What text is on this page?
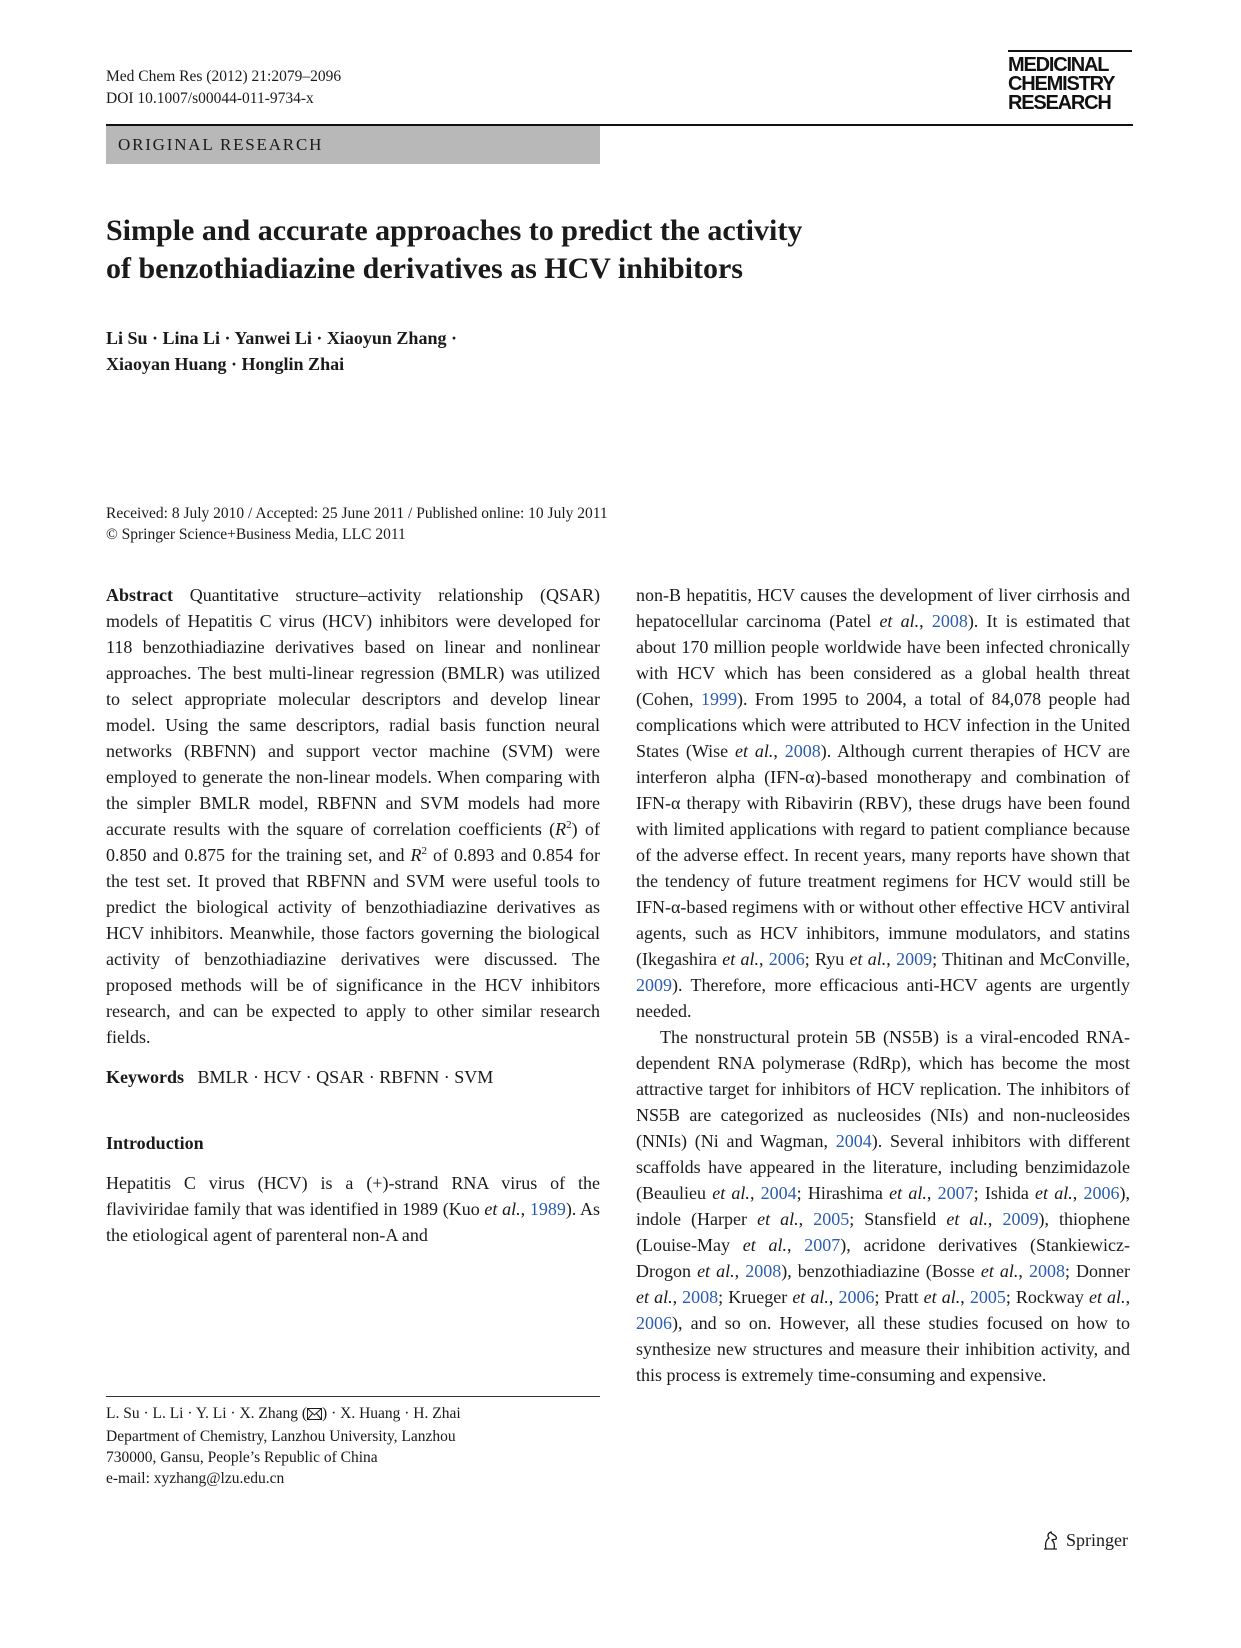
Med Chem Res (2012) 21:2079–2096
DOI 10.1007/s00044-011-9734-x
MEDICINAL
CHEMISTRY
RESEARCH
ORIGINAL RESEARCH
Simple and accurate approaches to predict the activity
of benzothiadiazine derivatives as HCV inhibitors
Li Su · Lina Li · Yanwei Li · Xiaoyun Zhang ·
Xiaoyan Huang · Honglin Zhai
Received: 8 July 2010 / Accepted: 25 June 2011 / Published online: 10 July 2011
© Springer Science+Business Media, LLC 2011

Abstract Quantitative structure–activity relationship (QSAR) models of Hepatitis C virus (HCV) inhibitors were developed for 118 benzothiadiazine derivatives based on linear and nonlinear approaches. The best multi-linear regression (BMLR) was utilized to select appropriate molecular descriptors and develop linear model. Using the same descriptors, radial basis function neural networks (RBFNN) and support vector machine (SVM) were employed to generate the non-linear models. When comparing with the simpler BMLR model, RBFNN and SVM models had more accurate results with the square of correlation coefficients $(R^2)$ of 0.850 and 0.875 for the training set, and $R^2$ of 0.893 and 0.854 for the test set. It proved that RBFNN and SVM were useful tools to predict the biological activity of benzothiadiazine derivatives as HCV inhibitors. Meanwhile, those factors governing the biological activity of benzothiadiazine derivatives were discussed. The proposed methods will be of significance in the HCV inhibitors research, and can be expected to apply to other similar research fields.

Keywords BMLR · HCV · QSAR · RBFNN · SVM

Introduction

Hepatitis C virus (HCV) is a (+)-strand RNA virus of the flaviviridae family that was identified in 1989 (Kuo et al., 1989). As the etiological agent of parenteral non-A and

L. Su · L. Li · Y. Li · X. Zhang ( ) · X. Huang · H. Zhai
Department of Chemistry, Lanzhou University, Lanzhou
730000, Gansu, People’s Republic of China
e-mail: xyzhang@lzu.edu.cn

non-B hepatitis, HCV causes the development of liver cirrhosis and hepatocellular carcinoma (Patel et al., 2008). It is estimated that about 170 million people worldwide have been infected chronically with HCV which has been considered as a global health threat (Cohen, 1999). From 1995 to 2004, a total of 84,078 people had complications which were attributed to HCV infection in the United States (Wise et al., 2008). Although current therapies of HCV are interferon alpha (IFN-α)-based monotherapy and combination of IFN-α therapy with Ribavirin (RBV), these drugs have been found with limited applications with regard to patient compliance because of the adverse effect. In recent years, many reports have shown that the tendency of future treatment regimens for HCV would still be IFN-α-based regimens with or without other effective HCV antiviral agents, such as HCV inhibitors, immune modulators, and statins (Ikegashira et al., 2006; Ryu et al., 2009; Thitinan and McConville, 2009). Therefore, more efficacious anti-HCV agents are urgently needed.

The nonstructural protein 5B (NS5B) is a viral-encoded RNA-dependent RNA polymerase (RdRp), which has become the most attractive target for inhibitors of HCV replication. The inhibitors of NS5B are categorized as nucleosides (NIs) and non-nucleosides (NNIs) (Ni and Wagman, 2004). Several inhibitors with different scaffolds have appeared in the literature, including benzimidazole (Beaulieu et al., 2004; Hirashima et al., 2007; Ishida et al., 2006), indole (Harper et al., 2005; Stansfield et al., 2009), thiophene (Louise-May et al., 2007), acridone derivatives (Stankiewicz-Drogon et al., 2008), benzothiadiazine (Bosse et al., 2008; Donner et al., 2008; Krueger et al., 2006; Pratt et al., 2005; Rockway et al., 2006), and so on. However, all these studies focused on how to synthesize new structures and measure their inhibition activity, and this process is extremely time-consuming and expensive.

Springer
